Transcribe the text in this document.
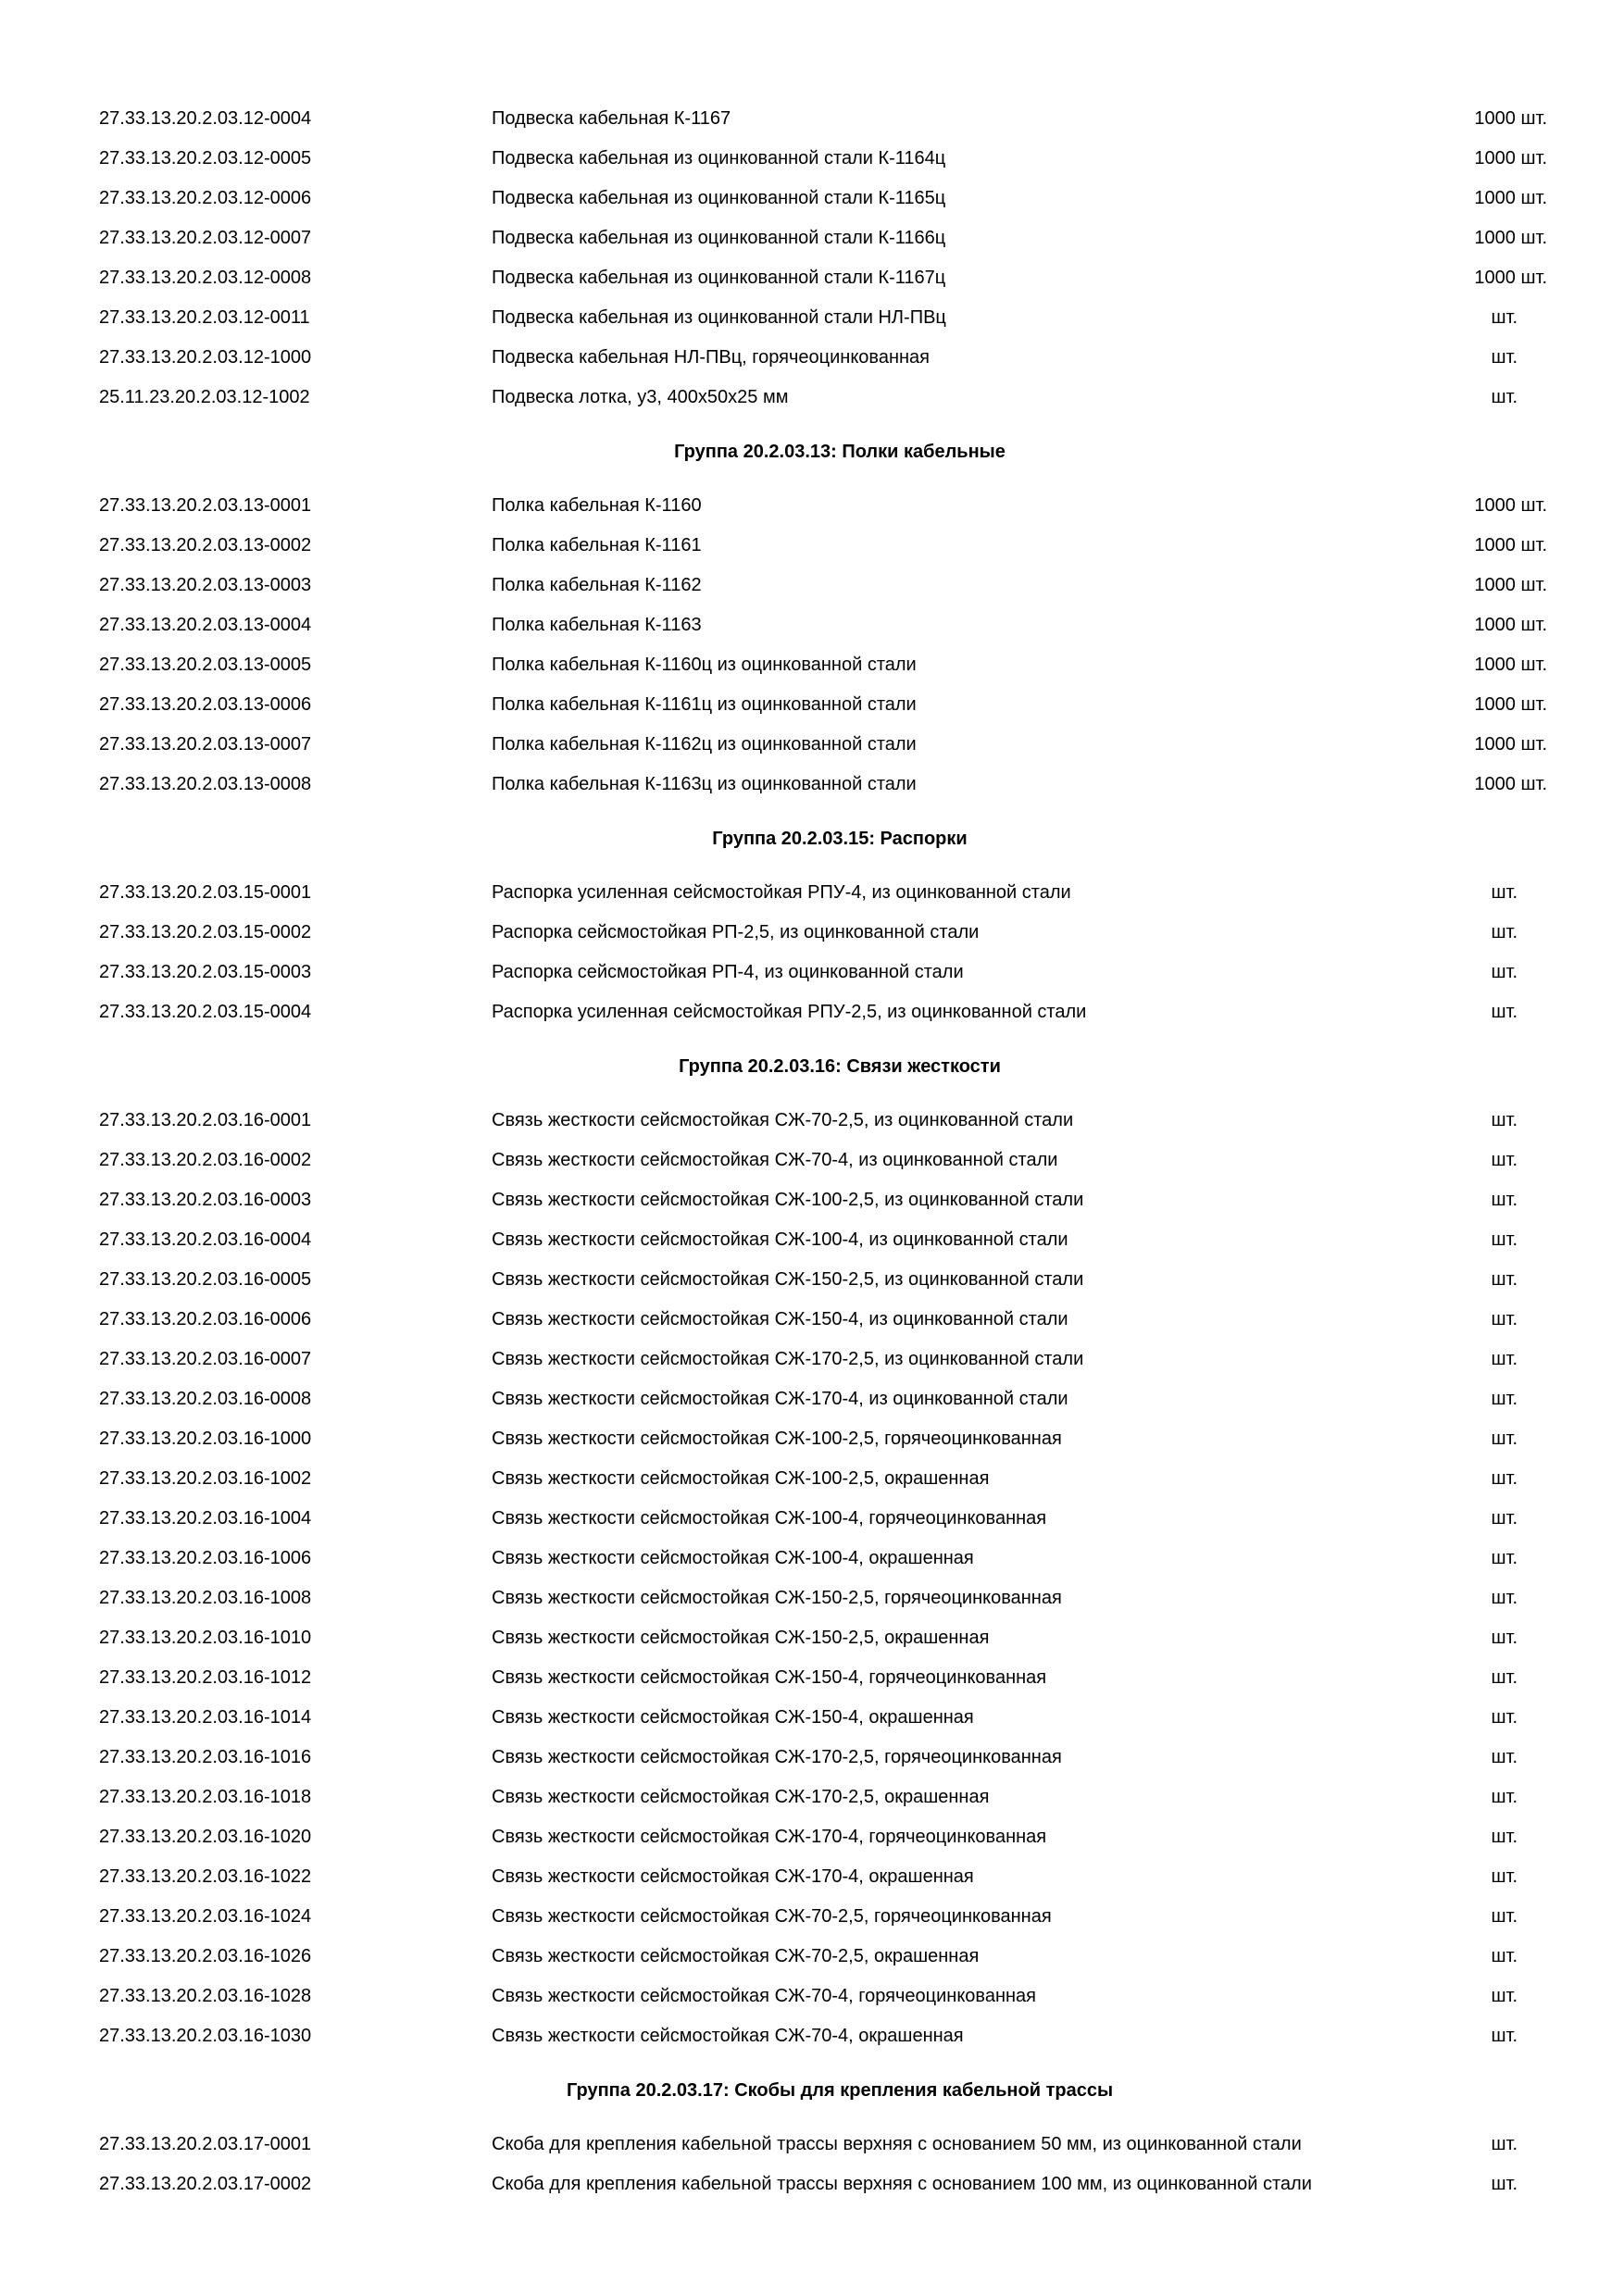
27.33.13.20.2.03.12-0004	Подвеска кабельная К-1167	1000 шт.
27.33.13.20.2.03.12-0005	Подвеска кабельная из оцинкованной стали К-1164ц	1000 шт.
27.33.13.20.2.03.12-0006	Подвеска кабельная из оцинкованной стали К-1165ц	1000 шт.
27.33.13.20.2.03.12-0007	Подвеска кабельная из оцинкованной стали К-1166ц	1000 шт.
27.33.13.20.2.03.12-0008	Подвеска кабельная из оцинкованной стали К-1167ц	1000 шт.
27.33.13.20.2.03.12-0011	Подвеска кабельная из оцинкованной стали НЛ-ПВц	шт.
27.33.13.20.2.03.12-1000	Подвеска кабельная НЛ-ПВц, горячеоцинкованная	шт.
25.11.23.20.2.03.12-1002	Подвеска лотка, у3, 400х50х25 мм	шт.
Группа 20.2.03.13: Полки кабельные
27.33.13.20.2.03.13-0001	Полка кабельная К-1160	1000 шт.
27.33.13.20.2.03.13-0002	Полка кабельная К-1161	1000 шт.
27.33.13.20.2.03.13-0003	Полка кабельная К-1162	1000 шт.
27.33.13.20.2.03.13-0004	Полка кабельная К-1163	1000 шт.
27.33.13.20.2.03.13-0005	Полка кабельная К-1160ц из оцинкованной стали	1000 шт.
27.33.13.20.2.03.13-0006	Полка кабельная К-1161ц из оцинкованной стали	1000 шт.
27.33.13.20.2.03.13-0007	Полка кабельная К-1162ц из оцинкованной стали	1000 шт.
27.33.13.20.2.03.13-0008	Полка кабельная К-1163ц из оцинкованной стали	1000 шт.
Группа 20.2.03.15: Распорки
27.33.13.20.2.03.15-0001	Распорка усиленная сейсмостойкая РПУ-4, из оцинкованной стали	шт.
27.33.13.20.2.03.15-0002	Распорка сейсмостойкая РП-2,5, из оцинкованной стали	шт.
27.33.13.20.2.03.15-0003	Распорка сейсмостойкая РП-4, из оцинкованной стали	шт.
27.33.13.20.2.03.15-0004	Распорка усиленная сейсмостойкая РПУ-2,5, из оцинкованной стали	шт.
Группа 20.2.03.16: Связи жесткости
27.33.13.20.2.03.16-0001	Связь жесткости сейсмостойкая СЖ-70-2,5, из оцинкованной стали	шт.
27.33.13.20.2.03.16-0002	Связь жесткости сейсмостойкая СЖ-70-4, из оцинкованной стали	шт.
27.33.13.20.2.03.16-0003	Связь жесткости сейсмостойкая СЖ-100-2,5, из оцинкованной стали	шт.
27.33.13.20.2.03.16-0004	Связь жесткости сейсмостойкая СЖ-100-4, из оцинкованной стали	шт.
27.33.13.20.2.03.16-0005	Связь жесткости сейсмостойкая СЖ-150-2,5, из оцинкованной стали	шт.
27.33.13.20.2.03.16-0006	Связь жесткости сейсмостойкая СЖ-150-4, из оцинкованной стали	шт.
27.33.13.20.2.03.16-0007	Связь жесткости сейсмостойкая СЖ-170-2,5, из оцинкованной стали	шт.
27.33.13.20.2.03.16-0008	Связь жесткости сейсмостойкая СЖ-170-4, из оцинкованной стали	шт.
27.33.13.20.2.03.16-1000	Связь жесткости сейсмостойкая СЖ-100-2,5, горячеоцинкованная	шт.
27.33.13.20.2.03.16-1002	Связь жесткости сейсмостойкая СЖ-100-2,5, окрашенная	шт.
27.33.13.20.2.03.16-1004	Связь жесткости сейсмостойкая СЖ-100-4, горячеоцинкованная	шт.
27.33.13.20.2.03.16-1006	Связь жесткости сейсмостойкая СЖ-100-4, окрашенная	шт.
27.33.13.20.2.03.16-1008	Связь жесткости сейсмостойкая СЖ-150-2,5, горячеоцинкованная	шт.
27.33.13.20.2.03.16-1010	Связь жесткости сейсмостойкая СЖ-150-2,5, окрашенная	шт.
27.33.13.20.2.03.16-1012	Связь жесткости сейсмостойкая СЖ-150-4, горячеоцинкованная	шт.
27.33.13.20.2.03.16-1014	Связь жесткости сейсмостойкая СЖ-150-4, окрашенная	шт.
27.33.13.20.2.03.16-1016	Связь жесткости сейсмостойкая СЖ-170-2,5, горячеоцинкованная	шт.
27.33.13.20.2.03.16-1018	Связь жесткости сейсмостойкая СЖ-170-2,5, окрашенная	шт.
27.33.13.20.2.03.16-1020	Связь жесткости сейсмостойкая СЖ-170-4, горячеоцинкованная	шт.
27.33.13.20.2.03.16-1022	Связь жесткости сейсмостойкая СЖ-170-4, окрашенная	шт.
27.33.13.20.2.03.16-1024	Связь жесткости сейсмостойкая СЖ-70-2,5, горячеоцинкованная	шт.
27.33.13.20.2.03.16-1026	Связь жесткости сейсмостойкая СЖ-70-2,5, окрашенная	шт.
27.33.13.20.2.03.16-1028	Связь жесткости сейсмостойкая СЖ-70-4, горячеоцинкованная	шт.
27.33.13.20.2.03.16-1030	Связь жесткости сейсмостойкая СЖ-70-4, окрашенная	шт.
Группа 20.2.03.17: Скобы для крепления кабельной трассы
27.33.13.20.2.03.17-0001	Скоба для крепления кабельной трассы верхняя с основанием 50 мм, из оцинкованной стали	шт.
27.33.13.20.2.03.17-0002	Скоба для крепления кабельной трассы верхняя с основанием 100 мм, из оцинкованной стали	шт.
